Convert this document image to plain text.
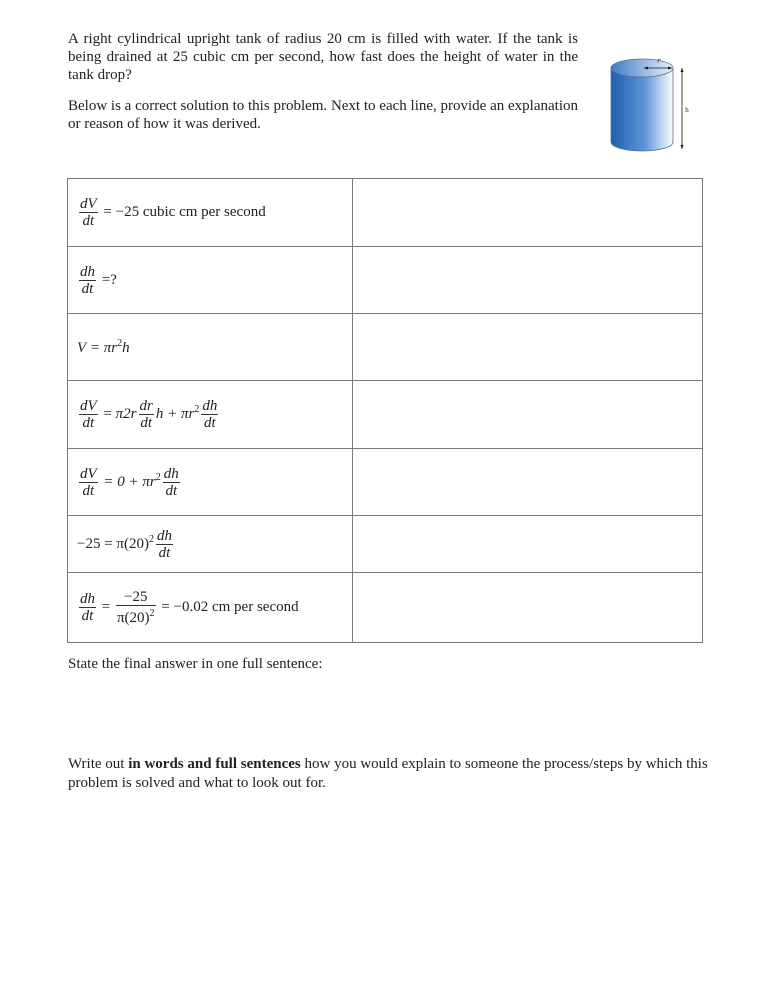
A right cylindrical upright tank of radius 20 cm is filled with water. If the tank is being drained at 25 cubic cm per second, how fast does the height of water in the tank drop?
Below is a correct solution to this problem. Next to each line, provide an explanation or reason of how it was derived.
r
h
$\frac{dV}{dt} = -25$ cubic cm per second	

$\frac{dh}{dt}$ =?	
$V = \pi r^2h$	

$\frac{dV}{dt} = \pi 2r \frac{dr}{dt}$ $h + \pi r^2 \frac{dh}{dt}$

$\frac{dV}{dt} = 0 + \pi r^2 \frac{dh}{dt}$

$-25 = \pi(20)^2 \frac{dh}{dt}$

$\frac{dh}{dt} = \frac{-25}{\pi(20)^2} = -0.02$ cm per second	
State the final answer in one full sentence:
Write out in words and full sentences how you would explain to someone the process/steps by which this problem is solved and what to look out for.
